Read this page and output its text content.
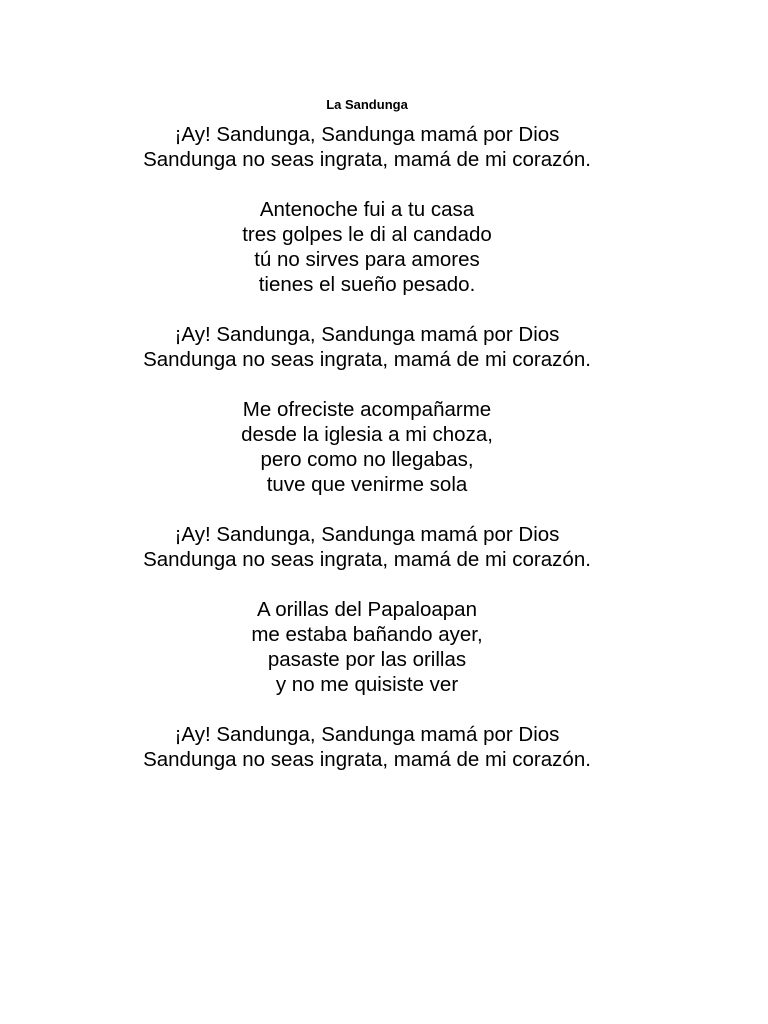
La Sandunga
¡Ay! Sandunga, Sandunga mamá por Dios
Sandunga no seas ingrata, mamá de mi corazón.
Antenoche fui a tu casa
tres golpes le di al candado
tú no sirves para amores
tienes el sueño pesado.
¡Ay! Sandunga, Sandunga mamá por Dios
Sandunga no seas ingrata, mamá de mi corazón.
Me ofreciste acompañarme
desde la iglesia a mi choza,
pero como no llegabas,
tuve que venirme sola
¡Ay! Sandunga, Sandunga mamá por Dios
Sandunga no seas ingrata, mamá de mi corazón.
A orillas del Papaloapan
me estaba bañando ayer,
pasaste por las orillas
y no me quisiste ver
¡Ay! Sandunga, Sandunga mamá por Dios
Sandunga no seas ingrata, mamá de mi corazón.
